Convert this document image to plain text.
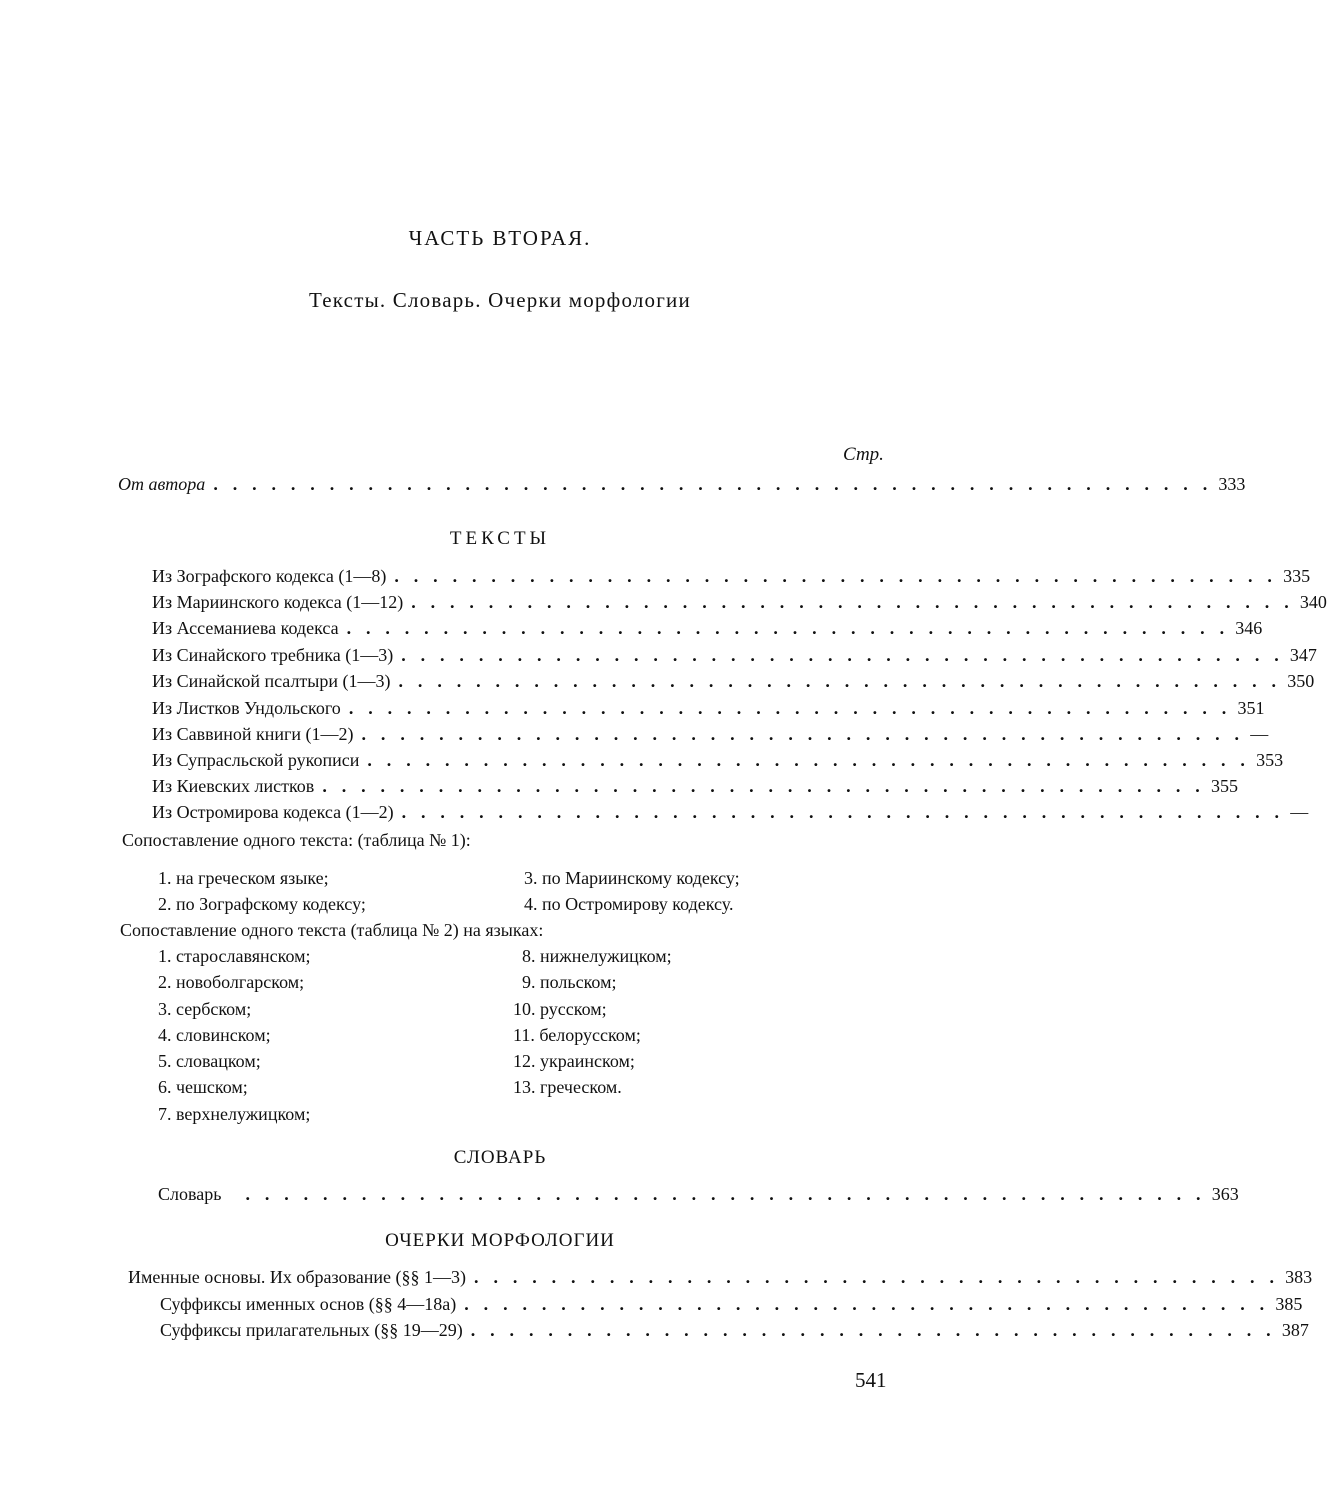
ЧАСТЬ ВТОРАЯ.
Тексты. Словарь. Очерки морфологии
Стр.
От автора . . . . . . . . . . . . . . . . . . . . . . . . . . . . . . . . . . . . . . . . . . . . . . . . . . . . 333
ТЕКСТЫ
Из Зографского кодекса (1—8) . . . . . . . . . . . . . . . . . . . . . . . . . . . . . . . . . . . . . . . . . . . . . . 335
Из Мариинского кодекса (1—12) . . . . . . . . . . . . . . . . . . . . . . . . . . . . . . . . . . . . . . . . . . . . . . 340
Из Ассеманиева кодекса . . . . . . . . . . . . . . . . . . . . . . . . . . . . . . . . . . . . . . . . . . . . . . 346
Из Синайского требника (1—3) . . . . . . . . . . . . . . . . . . . . . . . . . . . . . . . . . . . . . . . . . . . . . . 347
Из Синайской псалтыри (1—3) . . . . . . . . . . . . . . . . . . . . . . . . . . . . . . . . . . . . . . . . . . . . . . 350
Из Листков Ундольского . . . . . . . . . . . . . . . . . . . . . . . . . . . . . . . . . . . . . . . . . . . . . . 351
Из Саввиной книги (1—2) . . . . . . . . . . . . . . . . . . . . . . . . . . . . . . . . . . . . . . . . . . . . . . —
Из Супрасльской рукописи . . . . . . . . . . . . . . . . . . . . . . . . . . . . . . . . . . . . . . . . . . . . . . 353
Из Киевских листков . . . . . . . . . . . . . . . . . . . . . . . . . . . . . . . . . . . . . . . . . . . . . . 355
Из Остромирова кодекса (1—2) . . . . . . . . . . . . . . . . . . . . . . . . . . . . . . . . . . . . . . . . . . . . . . —
Сопоставление одного текста: (таблица № 1):
1. на греческом языке;
2. по Зографскому кодексу;
3. по Мариинскому кодексу;
4. по Остромирову кодексу.
Сопоставление одного текста (таблица № 2) на языках:
1. старославянском;
2. новоболгарском;
3. сербском;
4. словинском;
5. словацком;
6. чешском;
7. верхнелужицком;
8. нижнелужицком;
9. польском;
10. русском;
11. белорусском;
12. украинском;
13. греческом.
СЛОВАРЬ
Словарь . . . . . . . . . . . . . . . . . . . . . . . . . . . . . . . . . . . . . . . . . . . . . . . . . . 363
ОЧЕРКИ МОРФОЛОГИИ
Именные основы. Их образование (§§ 1—3) . . . . . . . . . . . . . . . . . . . . . . . . . . . . . . . . . . . . . . . . . . 383
Суффиксы именных основ (§§ 4—18а) . . . . . . . . . . . . . . . . . . . . . . . . . . . . . . . . . . . . . . . . . . 385
Суффиксы прилагательных (§§ 19—29) . . . . . . . . . . . . . . . . . . . . . . . . . . . . . . . . . . . . . . . . . . 387
541
